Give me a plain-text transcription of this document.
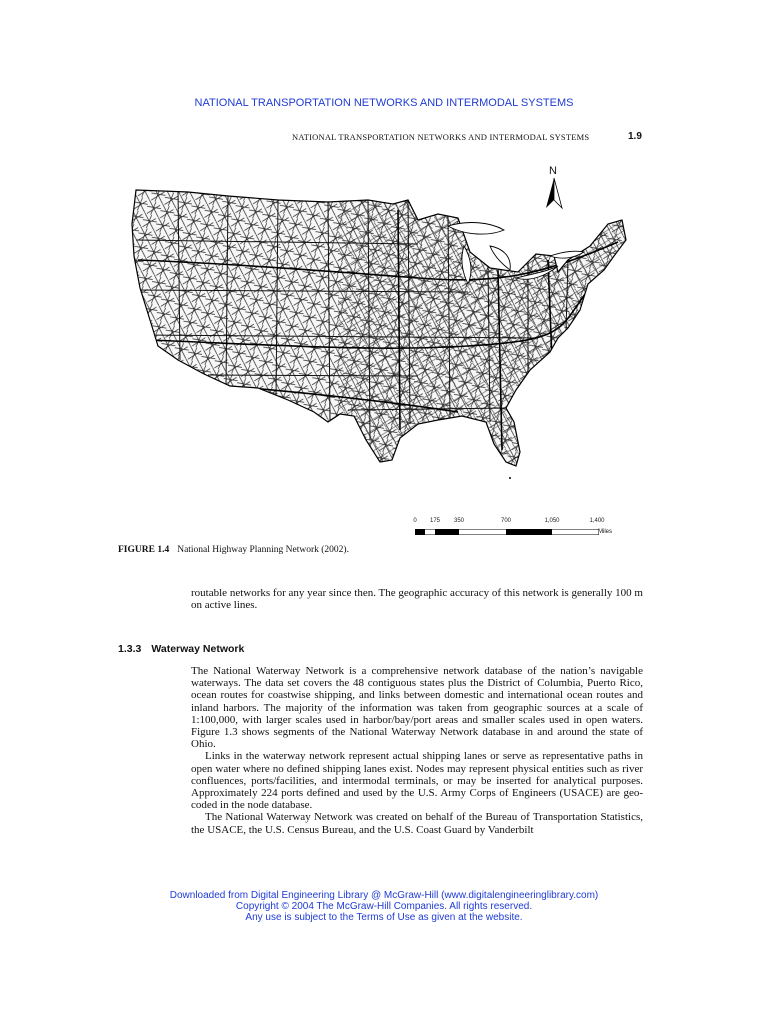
NATIONAL TRANSPORTATION NETWORKS AND INTERMODAL SYSTEMS
NATIONAL TRANSPORTATION NETWORKS AND INTERMODAL SYSTEMS	1.9
N
0 175 350	700	1,050	1,400
Miles
FIGURE 1.4 National Highway Planning Network (2002).
routable networks for any year since then. The geographic accuracy of this network is generally 100 m on active lines.
1.3.3 Waterway Network
The National Waterway Network is a comprehensive network database of the nation’s navigable waterways. The data set covers the 48 contiguous states plus the District of Columbia, Puerto Rico, ocean routes for coastwise shipping, and links between domestic and international ocean routes and inland harbors. The majority of the information was taken from geographic sources at a scale of 1:100,000, with larger scales used in harbor/bay/port areas and smaller scales used in open waters. Figure 1.3 shows segments of the National Waterway Network database in and around the state of Ohio.
Links in the waterway network represent actual shipping lanes or serve as representative paths in open water where no defined shipping lanes exist. Nodes may represent physical entities such as river confluences, ports/facilities, and intermodal terminals, or may be inserted for analytical purposes. Approximately 224 ports defined and used by the U.S. Army Corps of Engineers (USACE) are geo-coded in the node database.
The National Waterway Network was created on behalf of the Bureau of Transportation Statistics, the USACE, the U.S. Census Bureau, and the U.S. Coast Guard by Vanderbilt
Downloaded from Digital Engineering Library @ McGraw-Hill (www.digitalengineeringlibrary.com)
Copyright © 2004 The McGraw-Hill Companies. All rights reserved.
Any use is subject to the Terms of Use as given at the website.
